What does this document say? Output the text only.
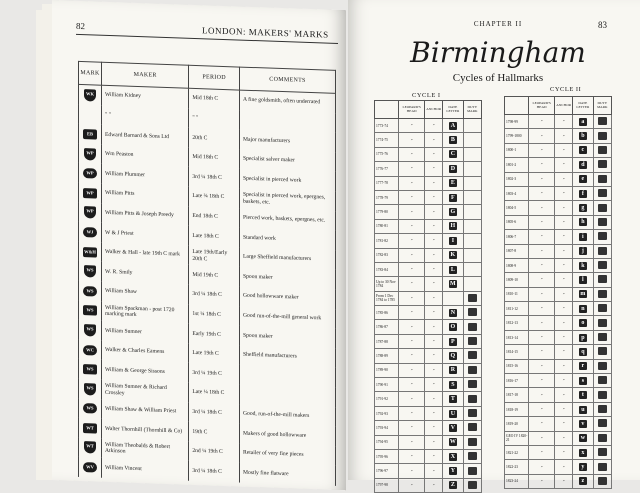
82	LONDON: MAKERS' MARKS
MARK	MAKER	PERIOD	COMMENTS
WK	William Kidney	Mid 18th C	A fine goldsmith, often underrated
	" "	" "	
EB	Edward Barnard & Sons Ltd	20th C	Major manufacturers
WP	Wm Peaston	Mid 18th C	Specialist salver maker
WP	William Plummer	3rd ¼ 18th C	Specialist in pierced work
WP	William Pitts	Late ¾ 18th C	Specialist in pierced work, epergnes, baskets, etc.
WP	William Pitts & Joseph Preedy	End 18th C	Pierced work, baskets, epergnes, etc.
WJ	W & J Priest	Late 18th C	Standard work
W&H	Walker & Hall - late 19th C mark	Late 19th/Early 20th C	Large Sheffield manufacturers
WS	W. R. Smily	Mid 19th C	Spoon maker
WS	William Shaw	3rd ¼ 18th C	Good hollowware maker
WS	William Spackman - post 1720 marking mark	1st ¼ 18th C	Good run-of-the-mill general work
WS	William Sumner	Early 19th C	Spoon maker
WC	Walker & Charles Eamens	Late 19th C	Sheffield manufacturers
WS	William & George Sissons	3rd ¼ 19th C	
WS	William Sumner & Richard Crossley	Late ¼ 18th C	
WS	William Shaw & William Priest	3rd ¼ 18th C	Good, run-of-the-mill makers
WT	Walter Thornhill (Thornhill & Co)	19th C	Makers of good hollowware
WT	William Theobalds & Robert Atkinson	2nd ¼ 19th C	Retailer of very fine pieces
WV	William Vincent	3rd ¼ 18th C	Mostly fine flatware
CHAPTER II	83
Birmingham
Cycles of Hallmarks
CYCLE I
CYCLE II
	LEOPARD'S HEAD	ANCHOR	DATE LETTER	DUTY MARK
1773-74	”	”	A	
1774-75	”	”	B	
1775-76	”	”	C	
1776-77	”	”	D	
1777-78	”	”	E	
1778-79	”	”	F	
1779-80	”	”	G	
1780-81	”	”	H	
1781-82	”	”	I	
1782-83	”	”	K	
1783-84	”	”	L	
Up to 30 Nov 1784	”	”	M	
From 1 Dec 1784 to 1785	”	”		
1785-86	”	”	N	
1786-87	”	”	O	
1787-88	”	”	P	
1788-89	”	”	Q	
1789-90	”	”	R	
1790-91	”	”	S	
1791-92	”	”	T	
1792-93	”	”	U	
1793-94	”	”	V	
1794-95	”	”	W	
1795-96	”	”	X	
1796-97	”	”	Y	
1797-98	”	”	Z	
	LEOPARD'S HEAD	ANCHOR	DATE LETTER	DUTY MARK
1798-99	”	”	a	
1799-1800	”	”	b	
1800-1	”	”	c	
1801-2	”	”	d	
1802-3	”	”	e	
1803-4	”	”	f	
1804-5	”	”	g	
1805-6	”	”	h	
1806-7	”	”	i	
1807-8	”	”	j	
1808-9	”	”	k	
1809-10	”	”	l	
1810-11	”	”	m	
1811-12	”	”	n	
1812-13	”	”	o	
1813-14	”	”	p	
1814-15	”	”	q	
1815-16	”	”	r	
1816-17	”	”	s	
1817-18	”	”	t	
1818-19	”	”	u	
1819-20	”	”	v	
GEO IV 1820-21	”	”	w	
1821-22	”	”	x	
1822-23	”	”	y	
1823-24	”	”	z	
